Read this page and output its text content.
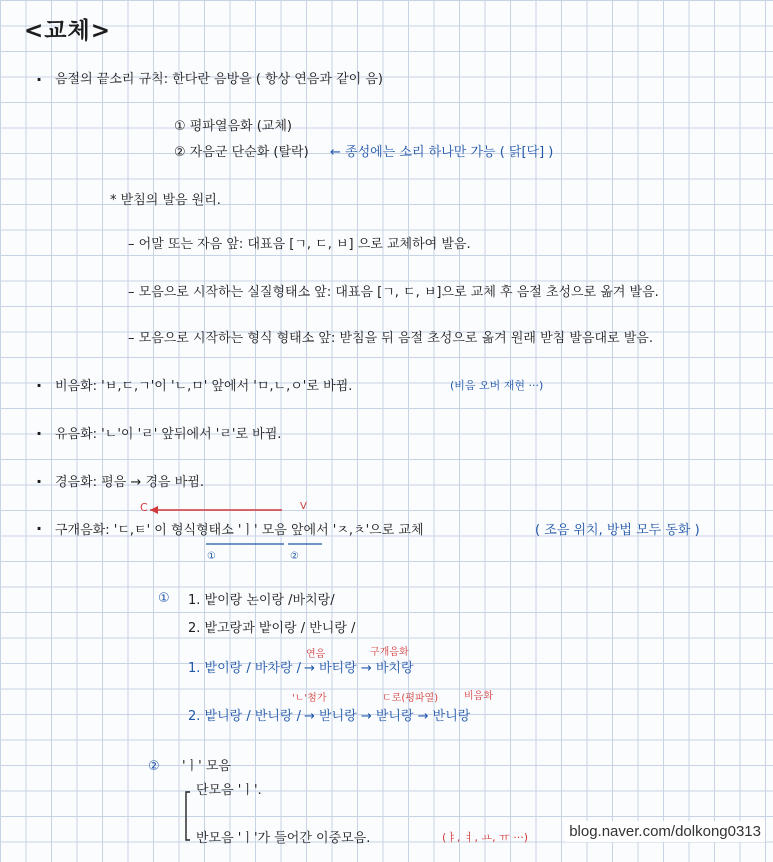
<교체>
· 음절의 끝소리 규칙: 한다란 음방을 ( 항상 연음과 같이 음)
① 평파열음화 (교체)
② 자음군 단순화 (탈락) ← 종성에는 소리 하나만 가능 ( 닭[닥] )
* 받침의 발음 원리.
– 어말 또는 자음 앞: 대표음 [ㄱ, ㄷ, ㅂ] 으로 교체하여 발음.
– 모음으로 시작하는 실질형태소 앞: 대표음 [ㄱ, ㄷ, ㅂ]으로 교체 후 음절 초성으로 옮겨 발음.
– 모음으로 시작하는 형식 형태소 앞: 받침을 뒤 음절 초성으로 옮겨 원래 받침 발음대로 발음.
· 비음화: 'ㅂ,ㄷ,ㄱ'이 'ㄴ,ㅁ' 앞에서 'ㅁ,ㄴ,ㅇ'로 바뀜.	(비음 오버 재현 ···)
· 유음화: 'ㄴ'이 'ㄹ' 앞뒤에서 'ㄹ'로 바뀜.
· 경음화: 평음 → 경음 바뀜.
C	V
· 구개음화: 'ㄷ,ㅌ' 이 형식형태소 'ㅣ' 모음 앞에서 'ㅈ,ㅊ'으로 교체	( 조음 위치, 방법 모두 동화 )
①	②
① 1. 밭이랑 논이랑 /바치랑/
2. 밭고랑과 밭이랑 / 반니랑 /
연음	구개음화
1. 밭이랑 / 바차랑 / → 바티랑 → 바치랑
'ㄴ'첨가	ㄷ로(평파열)	비음화
2. 밭니랑 / 반니랑 / → 받니랑 → 받니랑 → 반니랑
② 'ㅣ' 모음
단모음 'ㅣ'.
반모음 'ㅣ'가 들어간 이중모음.	(ㅑ, ㅕ, ㅛ, ㅠ ···)	blog.naver.com/dolkong0313
